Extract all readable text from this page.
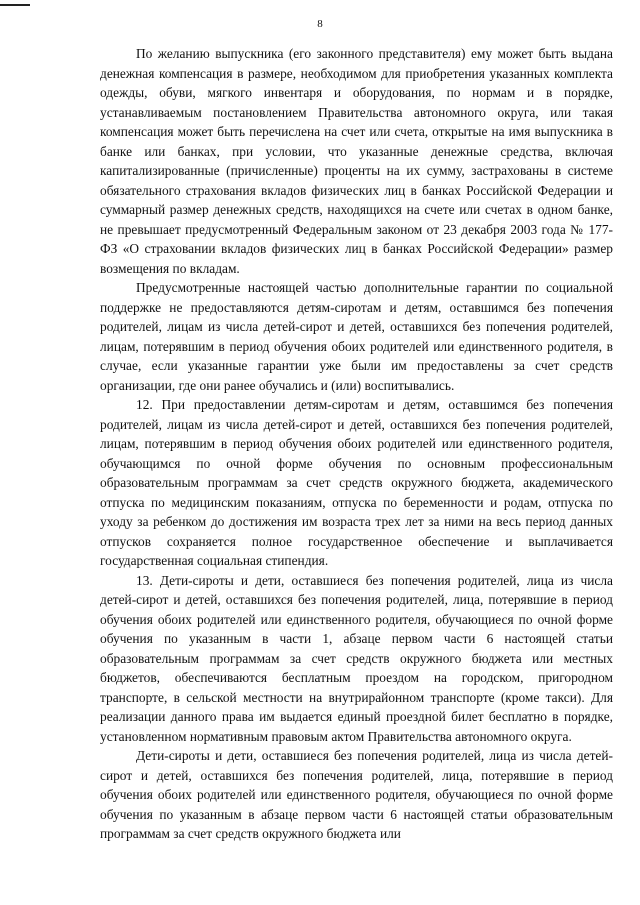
8

По желанию выпускника (его законного представителя) ему может быть выдана денежная компенсация в размере, необходимом для приобретения указанных комплекта одежды, обуви, мягкого инвентаря и оборудования, по нормам и в порядке, устанавливаемым постановлением Правительства автономного округа, или такая компенсация может быть перечислена на счет или счета, открытые на имя выпускника в банке или банках, при условии, что указанные денежные средства, включая капитализированные (причисленные) проценты на их сумму, застрахованы в системе обязательного страхования вкладов физических лиц в банках Российской Федерации и суммарный размер денежных средств, находящихся на счете или счетах в одном банке, не превышает предусмотренный Федеральным законом от 23 декабря 2003 года № 177-ФЗ «О страховании вкладов физических лиц в банках Российской Федерации» размер возмещения по вкладам.

Предусмотренные настоящей частью дополнительные гарантии по социальной поддержке не предоставляются детям-сиротам и детям, оставшимся без попечения родителей, лицам из числа детей-сирот и детей, оставшихся без попечения родителей, лицам, потерявшим в период обучения обоих родителей или единственного родителя, в случае, если указанные гарантии уже были им предоставлены за счет средств организации, где они ранее обучались и (или) воспитывались.

12. При предоставлении детям-сиротам и детям, оставшимся без попечения родителей, лицам из числа детей-сирот и детей, оставшихся без попечения родителей, лицам, потерявшим в период обучения обоих родителей или единственного родителя, обучающимся по очной форме обучения по основным профессиональным образовательным программам за счет средств окружного бюджета, академического отпуска по медицинским показаниям, отпуска по беременности и родам, отпуска по уходу за ребенком до достижения им возраста трех лет за ними на весь период данных отпусков сохраняется полное государственное обеспечение и выплачивается государственная социальная стипендия.

13. Дети-сироты и дети, оставшиеся без попечения родителей, лица из числа детей-сирот и детей, оставшихся без попечения родителей, лица, потерявшие в период обучения обоих родителей или единственного родителя, обучающиеся по очной форме обучения по указанным в части 1, абзаце первом части 6 настоящей статьи образовательным программам за счет средств окружного бюджета или местных бюджетов, обеспечиваются бесплатным проездом на городском, пригородном транспорте, в сельской местности на внутрирайонном транспорте (кроме такси). Для реализации данного права им выдается единый проездной билет бесплатно в порядке, установленном нормативным правовым актом Правительства автономного округа.

Дети-сироты и дети, оставшиеся без попечения родителей, лица из числа детей-сирот и детей, оставшихся без попечения родителей, лица, потерявшие в период обучения обоих родителей или единственного родителя, обучающиеся по очной форме обучения по указанным в абзаце первом части 6 настоящей статьи образовательным программам за счет средств окружного бюджета или
